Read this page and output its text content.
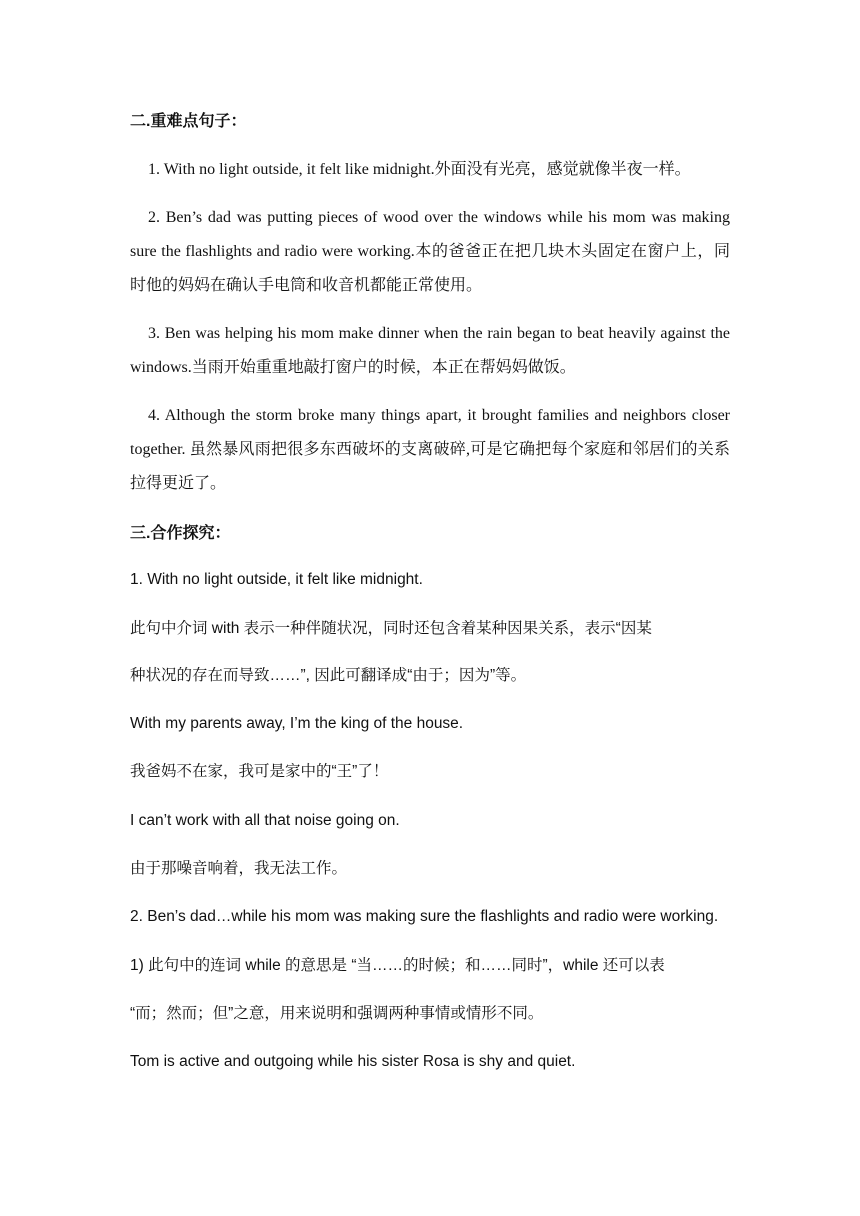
二.重难点句子：

1. With no light outside, it felt like midnight.外面没有光亮，感觉就像半夜一样。

2. Ben’s dad was putting pieces of wood over the windows while his mom was making sure the flashlights and radio were working.本的爸爸正在把几块木头固定在窗户上，同时他的妈妈在确认手电筒和收音机都能正常使用。

3. Ben was helping his mom make dinner when the rain began to beat heavily against the windows.当雨开始重重地敲打窗户的时候，本正在帮妈妈做饭。

4. Although the storm broke many things apart, it brought families and neighbors closer together. 虽然暴风雨把很多东西破坏的支离破碎,可是它确把每个家庭和邻居们的关系拉得更近了。

三.合作探究：
1. With no light outside, it felt like midnight.
此句中介词 with 表示一种伴随状况，同时还包含着某种因果关系，表示“因某
种状况的存在而导致……”, 因此可翻译成“由于；因为”等。
With my parents away, I’m the king of the house.
我爸妈不在家，我可是家中的“王”了！
I can’t work with all that noise going on.
由于那噪音响着，我无法工作。
2. Ben’s dad…while his mom was making sure the flashlights and radio were working.
1) 此句中的连词 while 的意思是 “当……的时候；和……同时”，while 还可以表
“而；然而；但”之意，用来说明和强调两种事情或情形不同。
Tom is active and outgoing while his sister Rosa is shy and quiet.
